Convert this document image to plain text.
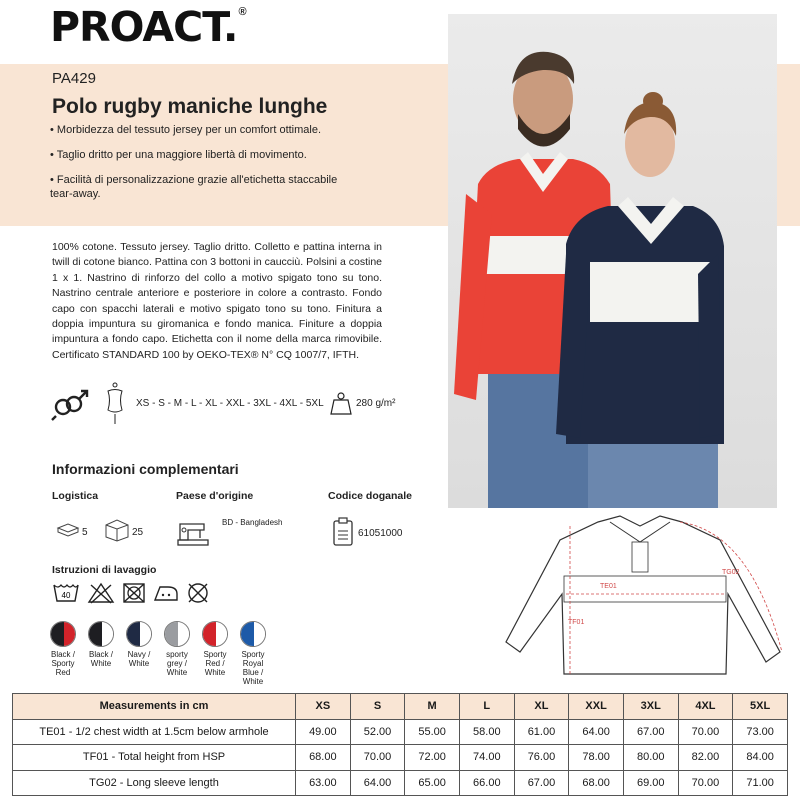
PROACT. ®
PA429
Polo rugby maniche lunghe
• Morbidezza del tessuto jersey per un comfort ottimale.
• Taglio dritto per una maggiore libertà di movimento.
• Facilità di personalizzazione grazie all'etichetta staccabile tear-away.
100% cotone. Tessuto jersey. Taglio dritto. Colletto e pattina interna in twill di cotone bianco. Pattina con 3 bottoni in caucciù. Polsini a costine 1 x 1. Nastrino di rinforzo del collo a motivo spigato tono su tono. Nastrino centrale anteriore e posteriore in colore a contrasto. Fondo capo con spacchi laterali e motivo spigato tono su tono. Finitura a doppia impuntura su giromanica e fondo manica. Finiture a doppia impuntura a fondo capo. Etichetta con il nome della marca rimovibile. Certificato STANDARD 100 by OEKO-TEX® N° CQ 1007/7, IFTH.
XS - S - M - L - XL - XXL - 3XL - 4XL - 5XL	280 g/m²
Informazioni complementari
Logistica	Paese d'origine	Codice doganale
5	25
BD - Bangladesh
61051000
Istruzioni di lavaggio
40
Black / Sporty Red
Black / White
Navy / White
sporty grey / White
Sporty Red / White
Sporty Royal Blue / White
TE01
TF01
TG02
Measurements in cm	XS	S	M	L	XL	XXL	3XL	4XL	5XL
TE01 - 1/2 chest width at 1.5cm below armhole	49.00	52.00	55.00	58.00	61.00	64.00	67.00	70.00	73.00
TF01 - Total height from HSP	68.00	70.00	72.00	74.00	76.00	78.00	80.00	82.00	84.00
TG02 - Long sleeve length	63.00	64.00	65.00	66.00	67.00	68.00	69.00	70.00	71.00
